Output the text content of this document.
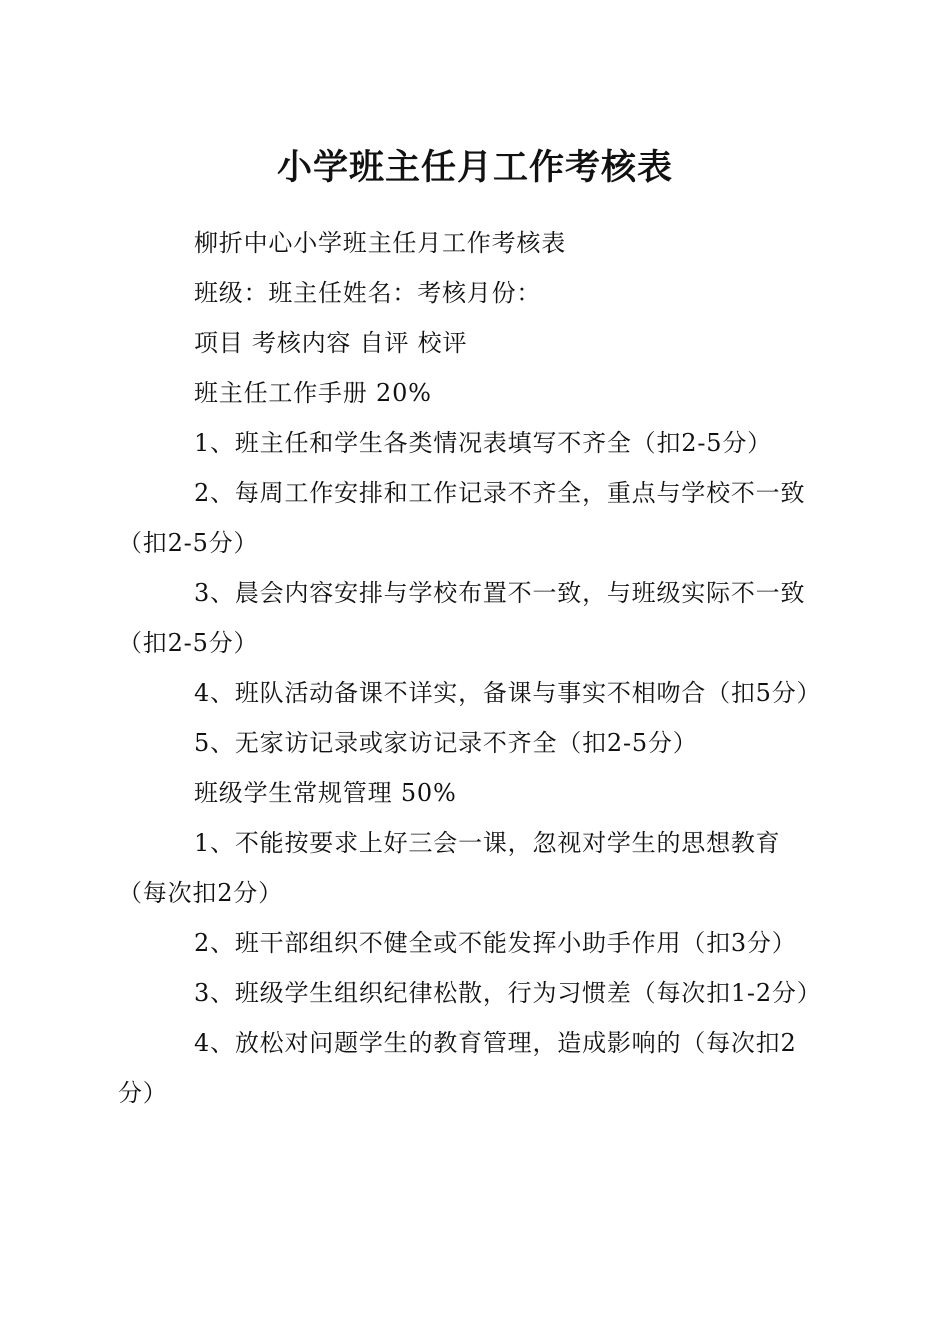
小学班主任月工作考核表

柳折中心小学班主任月工作考核表

班级：班主任姓名：考核月份：

项目 考核内容 自评 校评

班主任工作手册 20%

1、班主任和学生各类情况表填写不齐全（扣2-5分）

2、每周工作安排和工作记录不齐全，重点与学校不一致（扣2-5分）

3、晨会内容安排与学校布置不一致，与班级实际不一致（扣2-5分）

4、班队活动备课不详实，备课与事实不相吻合（扣5分）

5、无家访记录或家访记录不齐全（扣2-5分）

班级学生常规管理 50%

1、不能按要求上好三会一课，忽视对学生的思想教育（每次扣2分）

2、班干部组织不健全或不能发挥小助手作用（扣3分）

3、班级学生组织纪律松散，行为习惯差（每次扣1-2分）

4、放松对问题学生的教育管理，造成影响的（每次扣2分）
